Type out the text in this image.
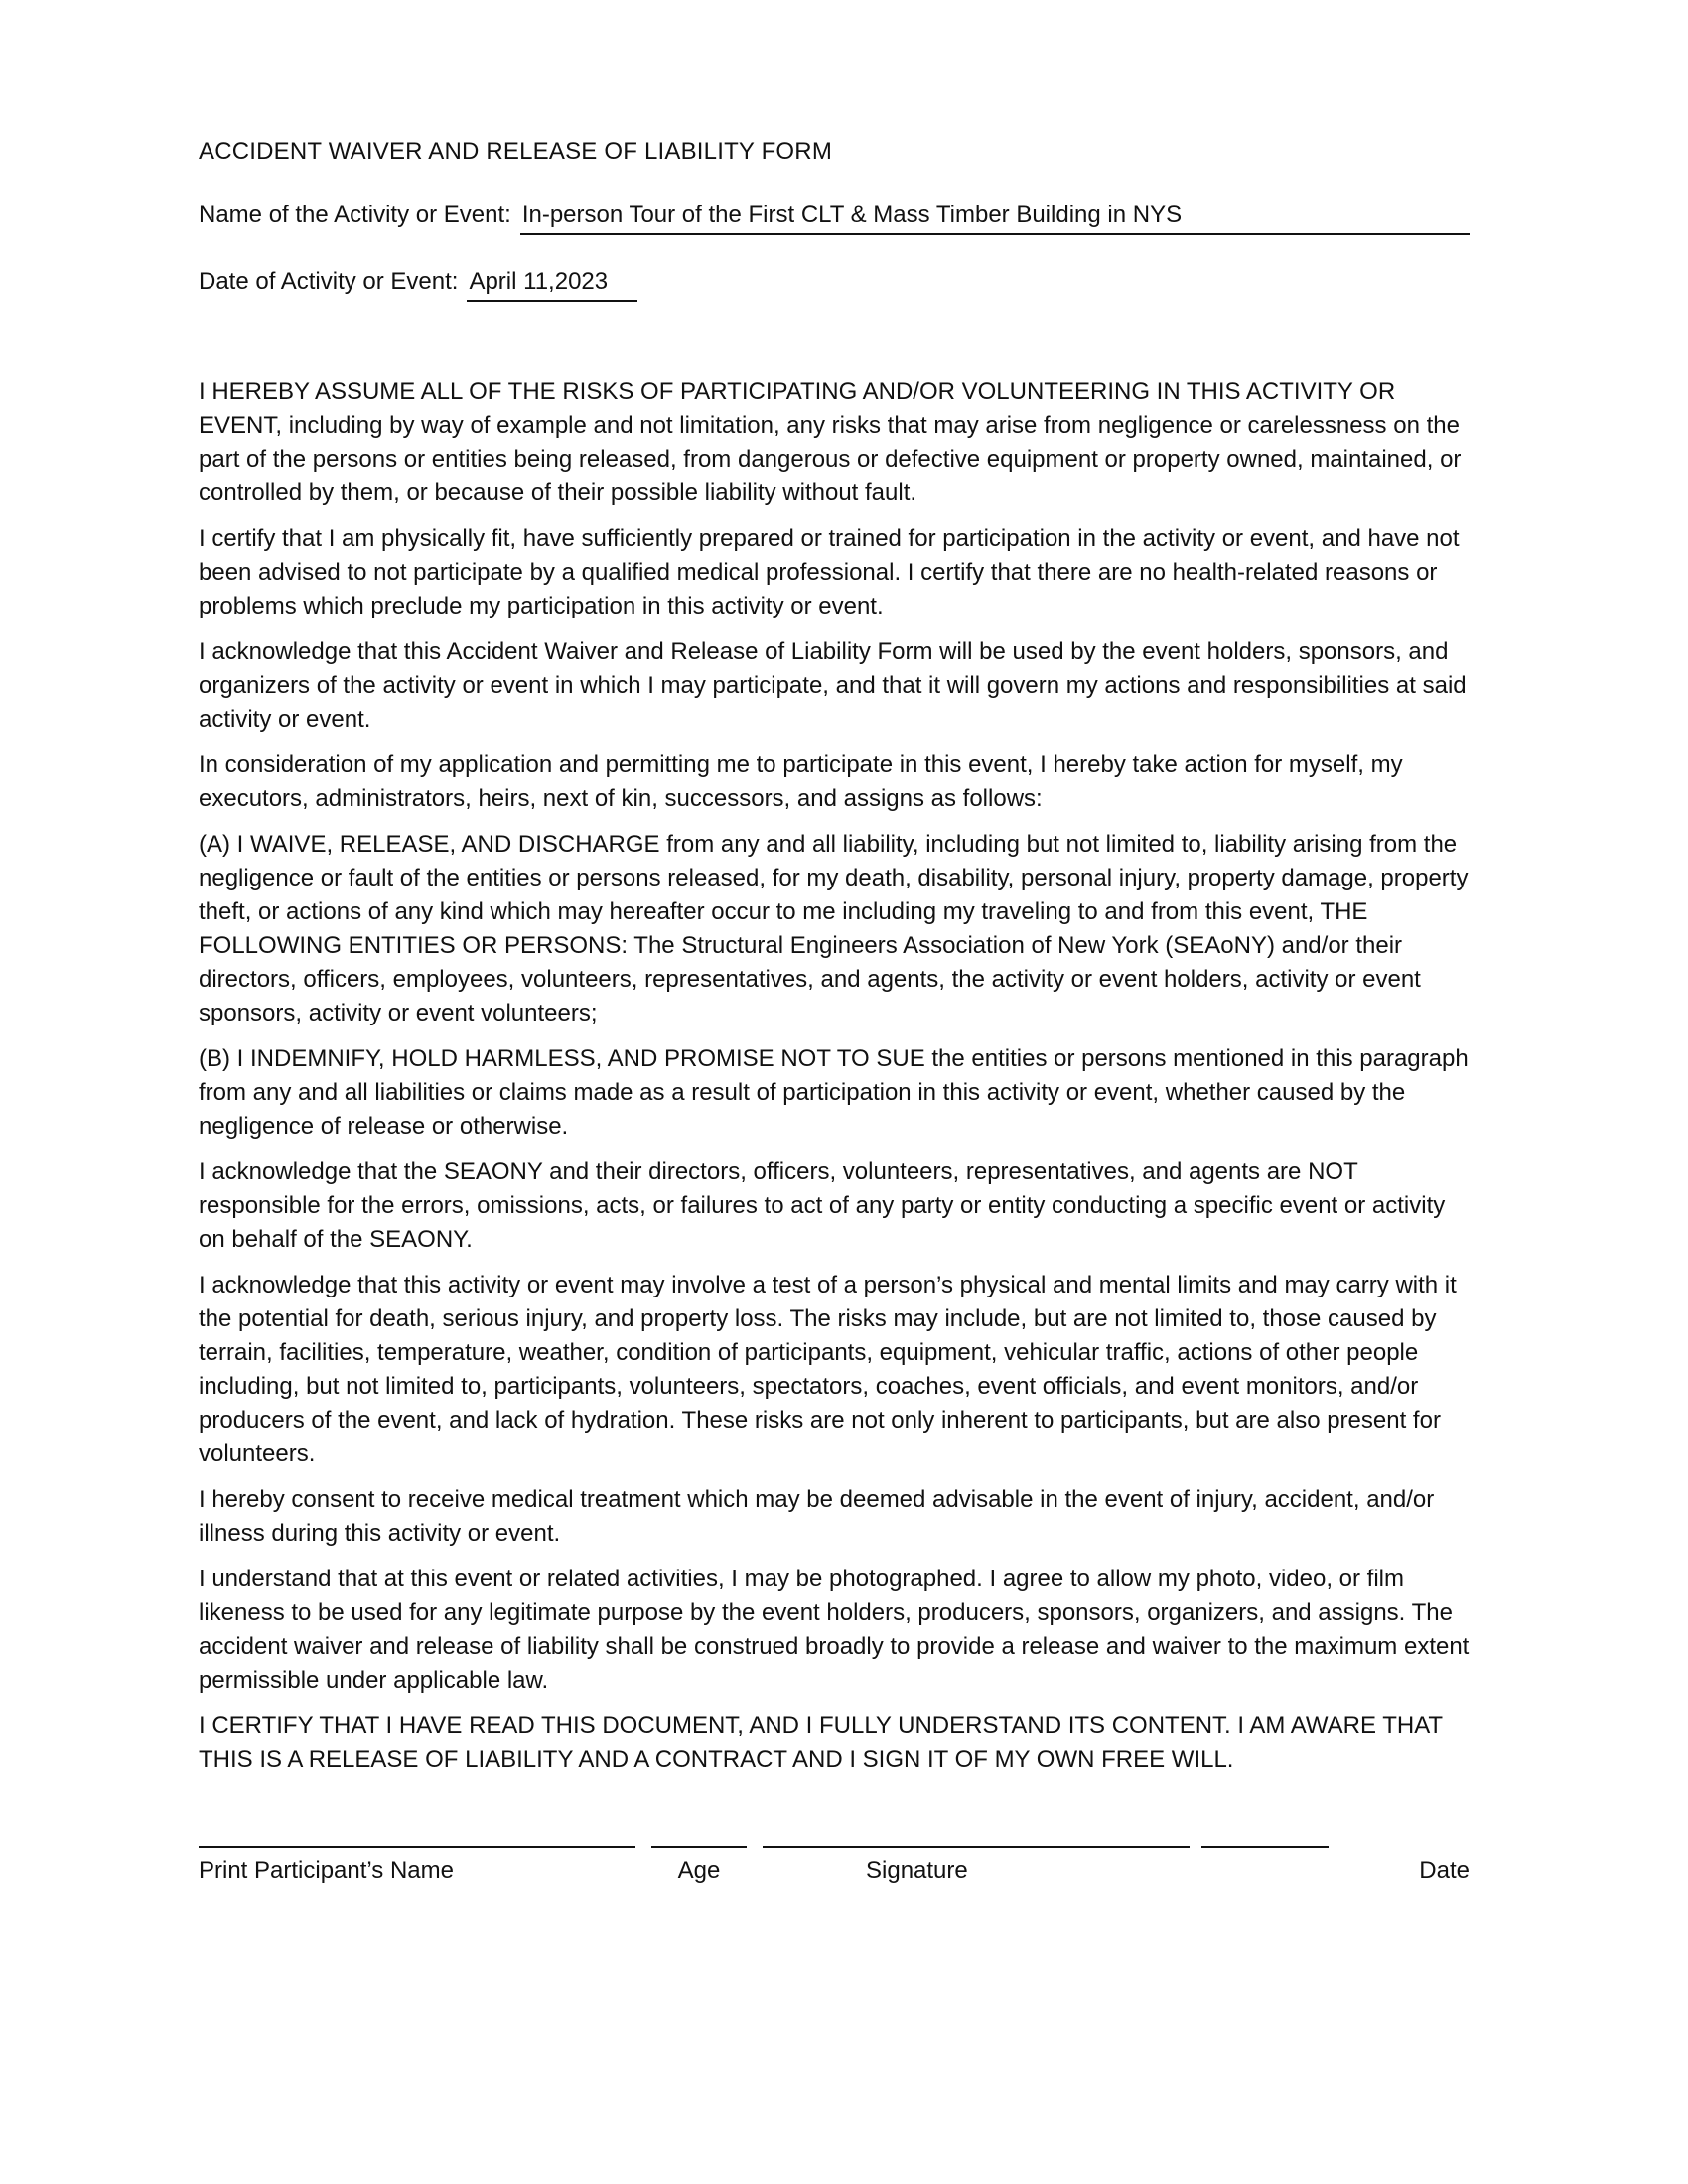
ACCIDENT WAIVER AND RELEASE OF LIABILITY FORM
Name of the Activity or Event: In-person Tour of the First CLT & Mass Timber Building in NYS
Date of Activity or Event: April 11,2023

I HEREBY ASSUME ALL OF THE RISKS OF PARTICIPATING AND/OR VOLUNTEERING IN THIS ACTIVITY OR EVENT, including by way of example and not limitation, any risks that may arise from negligence or carelessness on the part of the persons or entities being released, from dangerous or defective equipment or property owned, maintained, or controlled by them, or because of their possible liability without fault.

I certify that I am physically fit, have sufficiently prepared or trained for participation in the activity or event, and have not been advised to not participate by a qualified medical professional. I certify that there are no health-related reasons or problems which preclude my participation in this activity or event.

I acknowledge that this Accident Waiver and Release of Liability Form will be used by the event holders, sponsors, and organizers of the activity or event in which I may participate, and that it will govern my actions and responsibilities at said activity or event.

In consideration of my application and permitting me to participate in this event, I hereby take action for myself, my executors, administrators, heirs, next of kin, successors, and assigns as follows:

(A) I WAIVE, RELEASE, AND DISCHARGE from any and all liability, including but not limited to, liability arising from the negligence or fault of the entities or persons released, for my death, disability, personal injury, property damage, property theft, or actions of any kind which may hereafter occur to me including my traveling to and from this event, THE FOLLOWING ENTITIES OR PERSONS: The Structural Engineers Association of New York (SEAoNY) and/or their directors, officers, employees, volunteers, representatives, and agents, the activity or event holders, activity or event sponsors, activity or event volunteers;

(B) I INDEMNIFY, HOLD HARMLESS, AND PROMISE NOT TO SUE the entities or persons mentioned in this paragraph from any and all liabilities or claims made as a result of participation in this activity or event, whether caused by the negligence of release or otherwise.

I acknowledge that the SEAONY and their directors, officers, volunteers, representatives, and agents are NOT responsible for the errors, omissions, acts, or failures to act of any party or entity conducting a specific event or activity on behalf of the SEAONY.

I acknowledge that this activity or event may involve a test of a person’s physical and mental limits and may carry with it the potential for death, serious injury, and property loss. The risks may include, but are not limited to, those caused by terrain, facilities, temperature, weather, condition of participants, equipment, vehicular traffic, actions of other people including, but not limited to, participants, volunteers, spectators, coaches, event officials, and event monitors, and/or producers of the event, and lack of hydration. These risks are not only inherent to participants, but are also present for volunteers.

I hereby consent to receive medical treatment which may be deemed advisable in the event of injury, accident, and/or illness during this activity or event.

I understand that at this event or related activities, I may be photographed. I agree to allow my photo, video, or film likeness to be used for any legitimate purpose by the event holders, producers, sponsors, organizers, and assigns. The accident waiver and release of liability shall be construed broadly to provide a release and waiver to the maximum extent permissible under applicable law.

I CERTIFY THAT I HAVE READ THIS DOCUMENT, AND I FULLY UNDERSTAND ITS CONTENT. I AM AWARE THAT THIS IS A RELEASE OF LIABILITY AND A CONTRACT AND I SIGN IT OF MY OWN FREE WILL.

Print Participant’s Name	Age	Signature	Date
